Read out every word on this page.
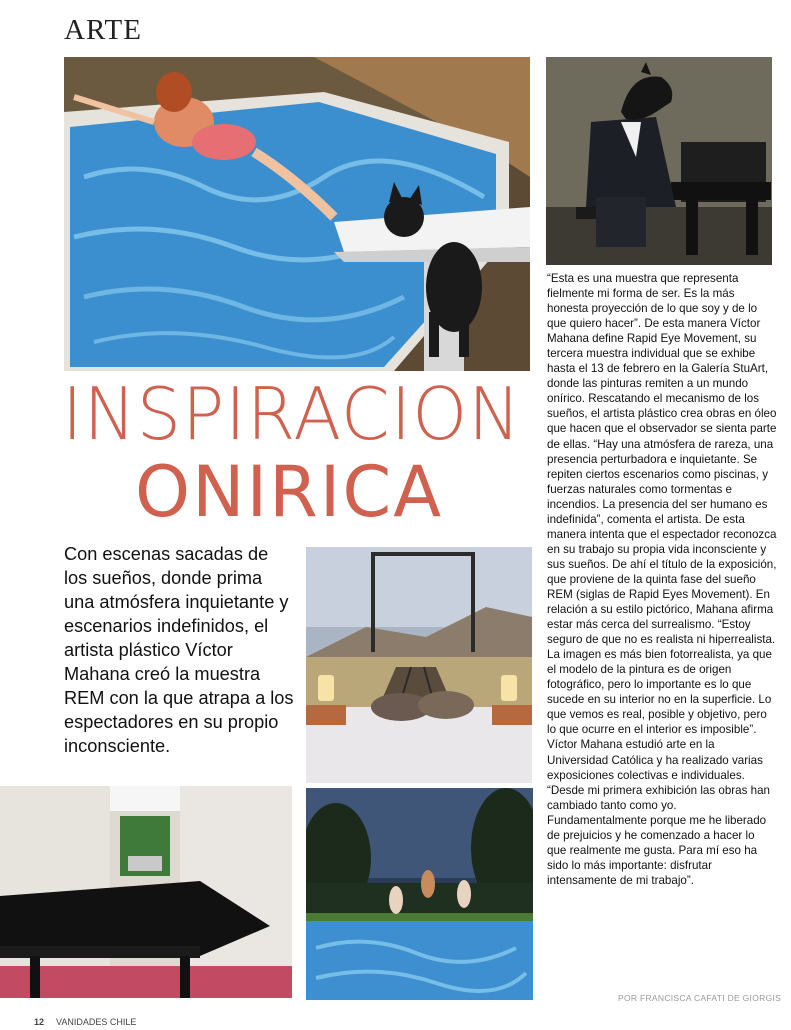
ARTE
INSPIRACION
ONIRICA
Con escenas sacadas de los sueños, donde prima una atmósfera inquietante y escenarios indefinidos, el artista plástico Víctor Mahana creó la muestra REM con la que atrapa a los espectadores en su propio inconsciente.
“Esta es una muestra que representa fielmente mi forma de ser. Es la más honesta proyección de lo que soy y de lo que quiero hacer”. De esta manera Víctor Mahana define Rapid Eye Movement, su tercera muestra individual que se exhibe hasta el 13 de febrero en la Galería StuArt, donde las pinturas remiten a un mundo onírico. Rescatando el mecanismo de los sueños, el artista plástico crea obras en óleo que hacen que el observador se sienta parte de ellas. “Hay una atmósfera de rareza, una presencia perturbadora e inquietante. Se repiten ciertos escenarios como piscinas, y fuerzas naturales como tormentas e incendios. La presencia del ser humano es indefinida”, comenta el artista. De esta manera intenta que el espectador reconozca en su trabajo su propia vida inconsciente y sus sueños. De ahí el título de la exposición, que proviene de la quinta fase del sueño REM (siglas de Rapid Eyes Movement). En relación a su estilo pictórico, Mahana afirma estar más cerca del surrealismo. “Estoy seguro de que no es realista ni hiperrealista. La imagen es más bien fotorrealista, ya que el modelo de la pintura es de origen fotográfico, pero lo importante es lo que sucede en su interior no en la superficie. Lo que vemos es real, posible y objetivo, pero lo que ocurre en el interior es imposible”. Víctor Mahana estudió arte en la Universidad Católica y ha realizado varias exposiciones colectivas e individuales. “Desde mi primera exhibición las obras han cambiado tanto como yo. Fundamentalmente porque me he liberado de prejuicios y he comenzado a hacer lo que realmente me gusta. Para mí eso ha sido lo más importante: disfrutar intensamente de mi trabajo”.
POR FRANCISCA CAFATI DE GIORGIS
12 VANIDADES CHILE
